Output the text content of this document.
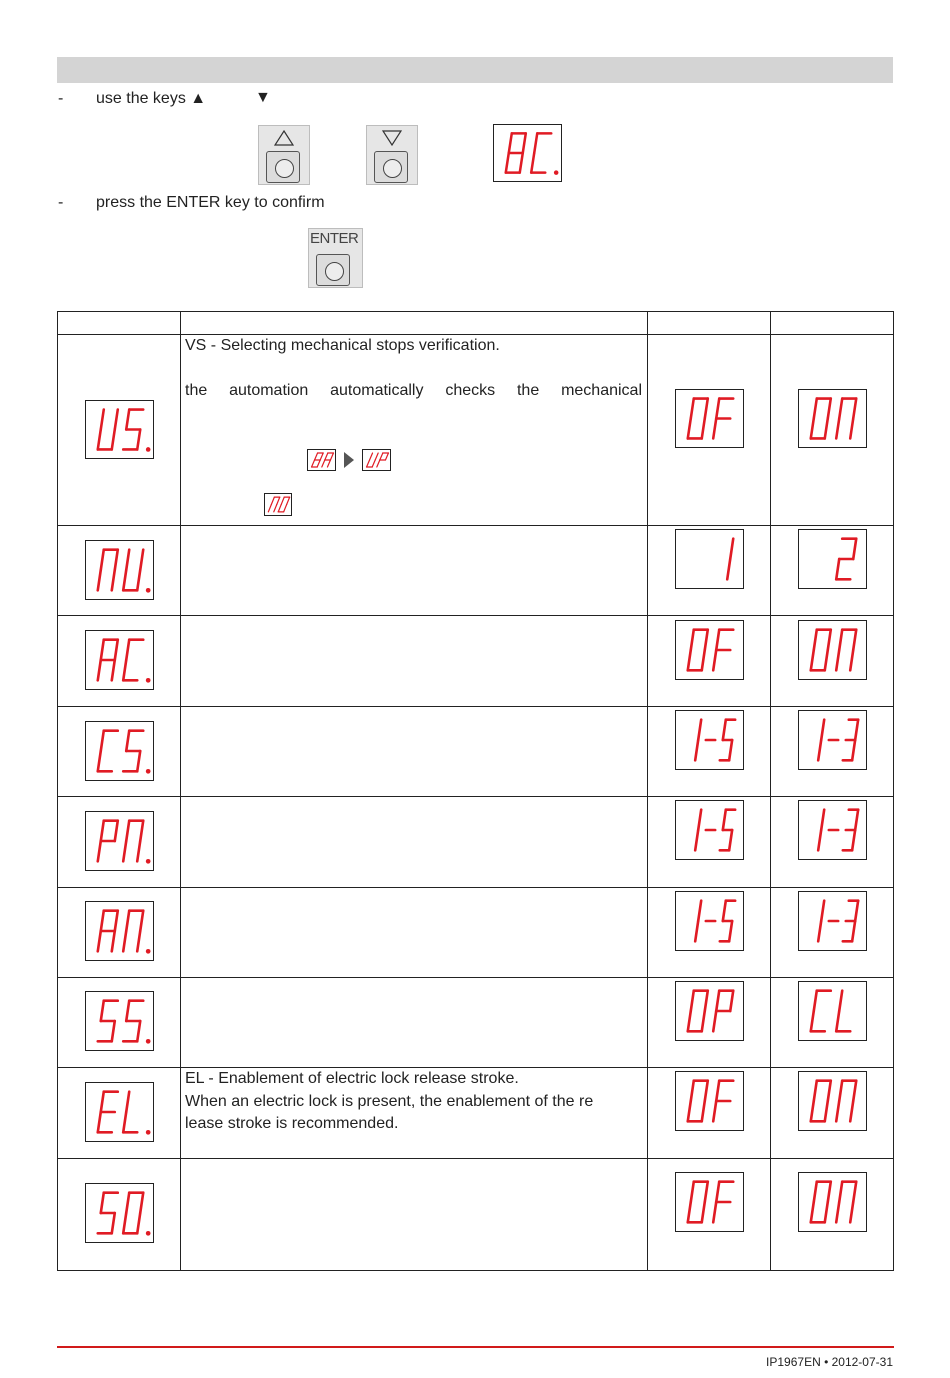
- use the keys ▲	▼
- press the ENTER key to confirm
ENTER
VS - Selecting mechanical stops verification.
the automation automatically checks the mechanical
EL - Enablement of electric lock release stroke.
When an electric lock is present, the enablement of the re
lease stroke is recommended.
IP1967EN • 2012-07-31
